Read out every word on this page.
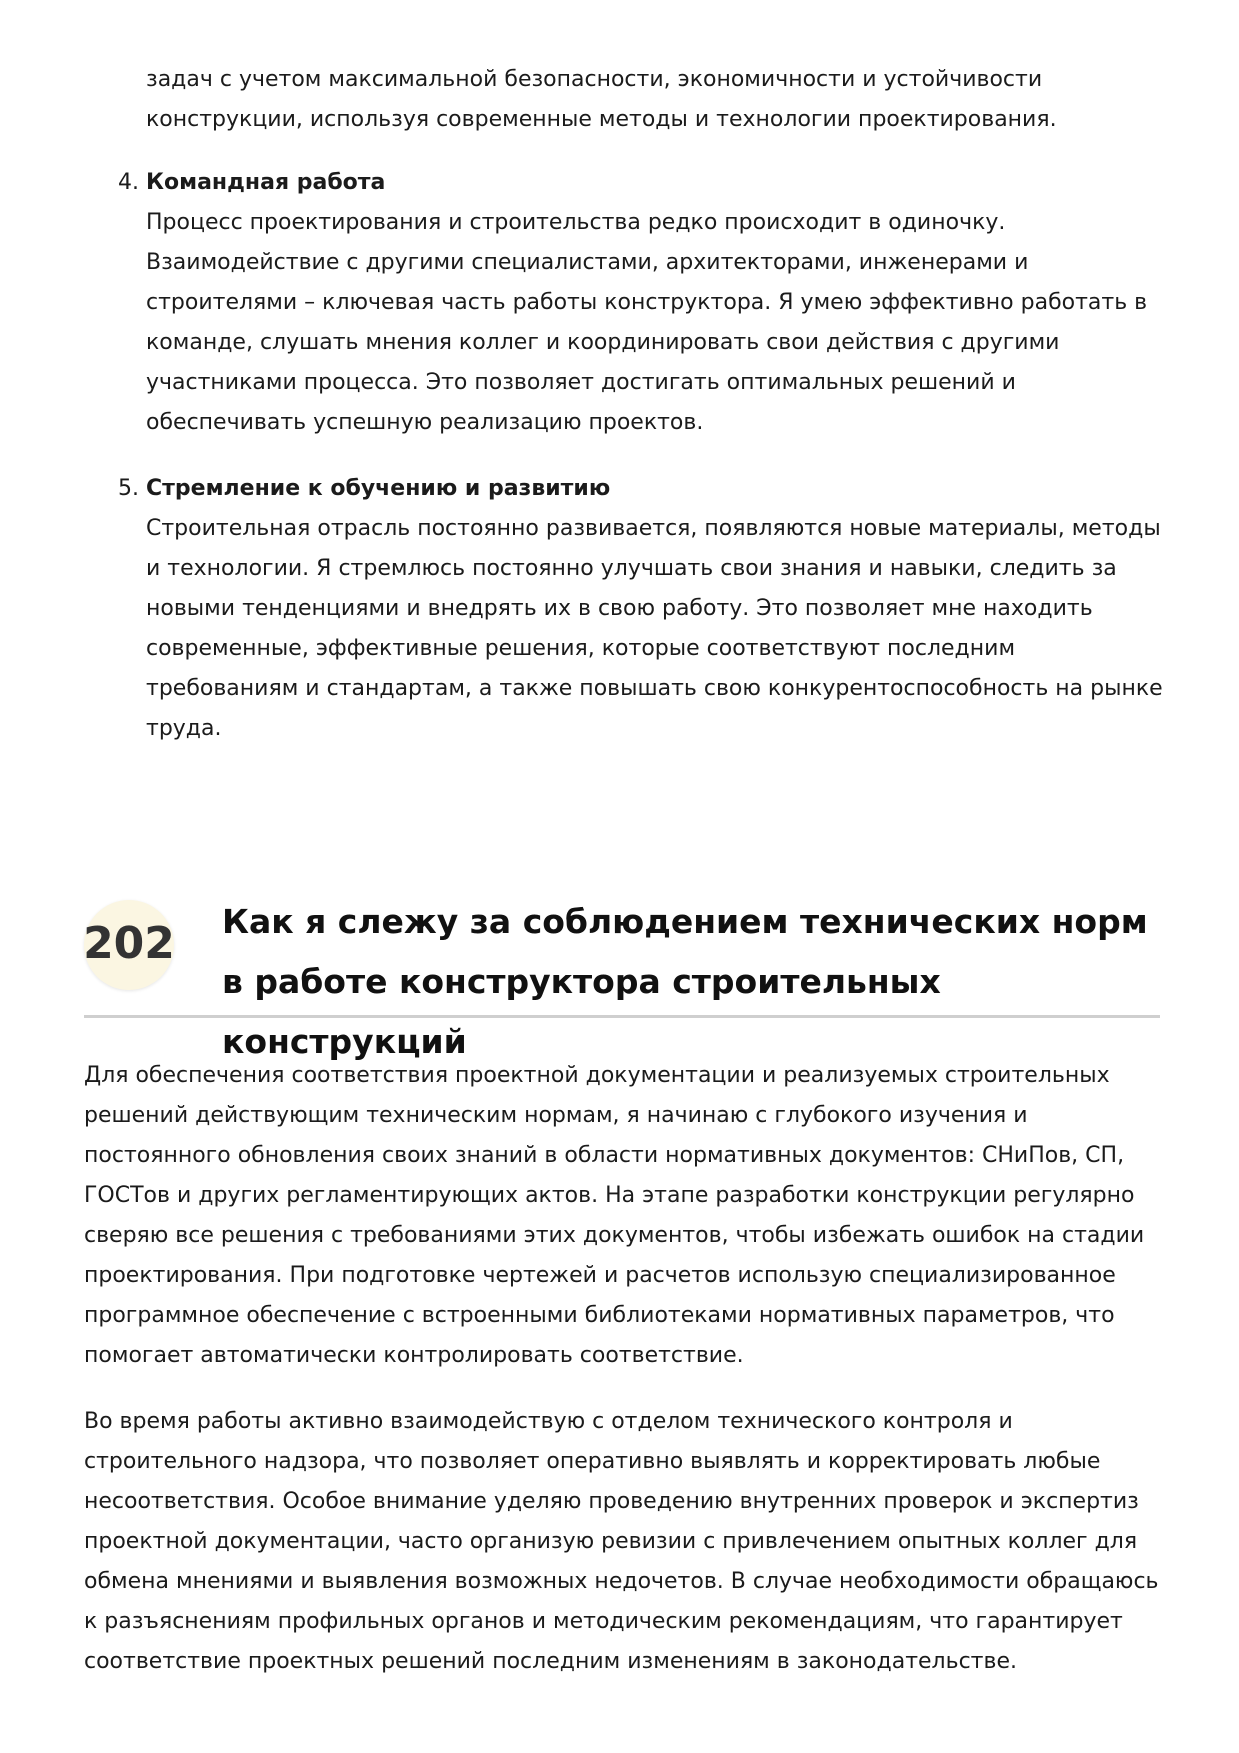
задач с учетом максимальной безопасности, экономичности и устойчивости конструкции, используя современные методы и технологии проектирования.

4. Командная работа

Процесс проектирования и строительства редко происходит в одиночку. Взаимодействие с другими специалистами, архитекторами, инженерами и строителями – ключевая часть работы конструктора. Я умею эффективно работать в команде, слушать мнения коллег и координировать свои действия с другими участниками процесса. Это позволяет достигать оптимальных решений и обеспечивать успешную реализацию проектов.

5. Стремление к обучению и развитию

Строительная отрасль постоянно развивается, появляются новые материалы, методы и технологии. Я стремлюсь постоянно улучшать свои знания и навыки, следить за новыми тенденциями и внедрять их в свою работу. Это позволяет мне находить современные, эффективные решения, которые соответствуют последним требованиям и стандартам, а также повышать свою конкурентоспособность на рынке труда.

202 Как я слежу за соблюдением технических норм в работе конструктора строительных конструкций

Для обеспечения соответствия проектной документации и реализуемых строительных решений действующим техническим нормам, я начинаю с глубокого изучения и постоянного обновления своих знаний в области нормативных документов: СНиПов, СП, ГОСТов и других регламентирующих актов. На этапе разработки конструкции регулярно сверяю все решения с требованиями этих документов, чтобы избежать ошибок на стадии проектирования. При подготовке чертежей и расчетов использую специализированное программное обеспечение с встроенными библиотеками нормативных параметров, что помогает автоматически контролировать соответствие.

Во время работы активно взаимодействую с отделом технического контроля и строительного надзора, что позволяет оперативно выявлять и корректировать любые несоответствия. Особое внимание уделяю проведению внутренних проверок и экспертиз проектной документации, часто организую ревизии с привлечением опытных коллег для обмена мнениями и выявления возможных недочетов. В случае необходимости обращаюсь к разъяснениям профильных органов и методическим рекомендациям, что гарантирует соответствие проектных решений последним изменениям в законодательстве.
